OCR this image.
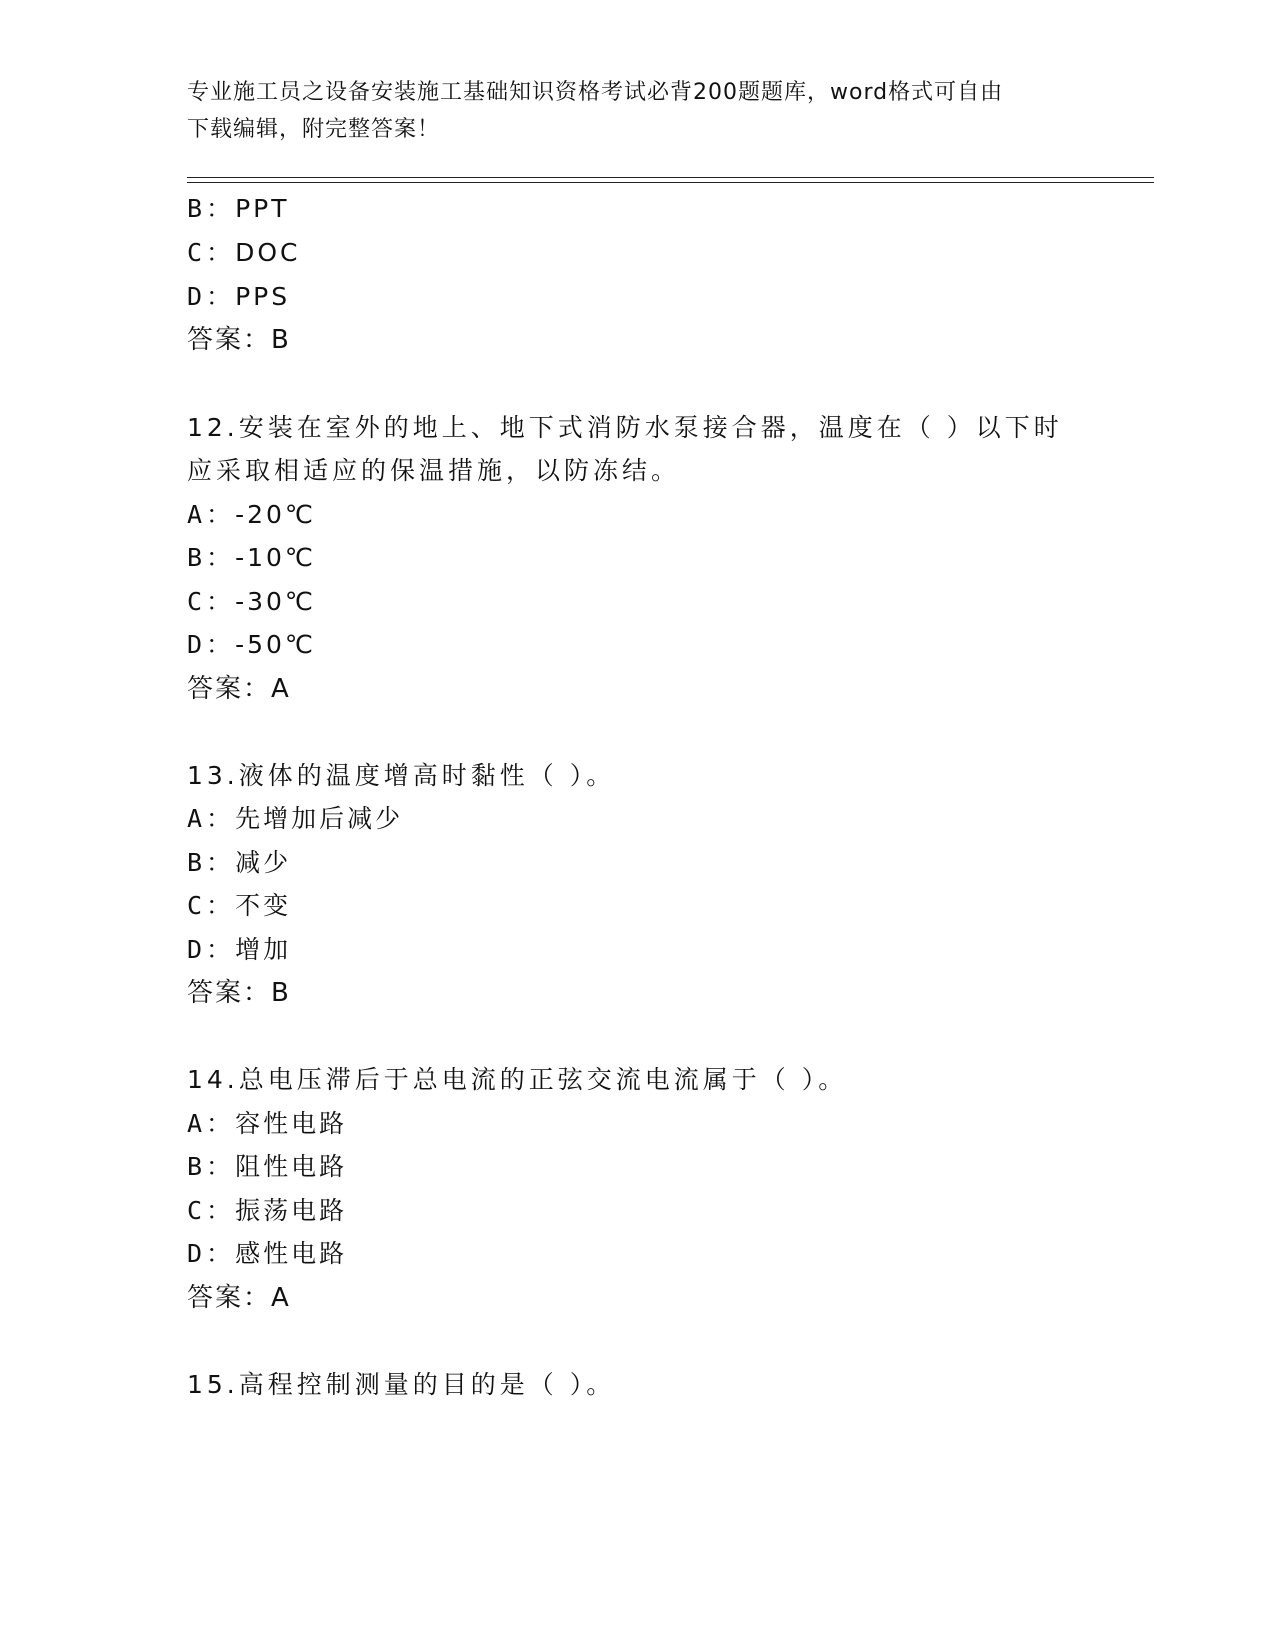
专业施工员之设备安装施工基础知识资格考试必背200题题库，word格式可自由
下载编辑，附完整答案！
B：PPT
C：DOC
D：PPS
答案：B
12.安装在室外的地上、地下式消防水泵接合器，温度在（ ）以下时
应采取相适应的保温措施，以防冻结。
A：-20℃
B：-10℃
C：-30℃
D：-50℃
答案：A
13.液体的温度增高时黏性（ ）。
A：先增加后减少
B：减少
C：不变
D：增加
答案：B
14.总电压滞后于总电流的正弦交流电流属于（ ）。
A：容性电路
B：阻性电路
C：振荡电路
D：感性电路
答案：A
15.高程控制测量的目的是（ ）。
